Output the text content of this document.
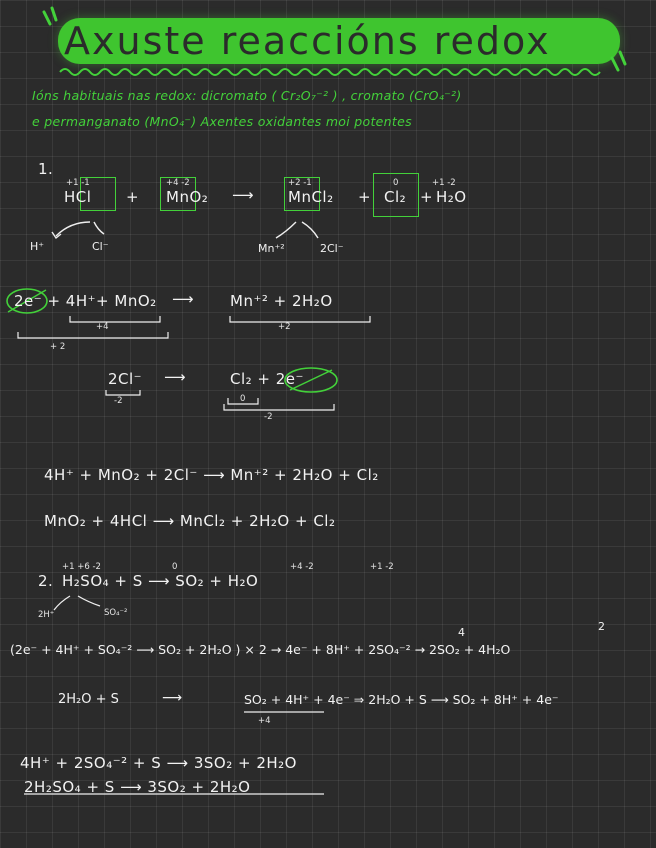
Axuste reaccións redox
Ións habituais nas redox: dicromato ( Cr₂O₇⁻² ) , cromato (CrO₄⁻²)
e permanganato (MnO₄⁻) Axentes oxidantes moi potentes
1.
+1 -1	+4 -2	+2 -1	0	+1 -2
HCl + MnO₂ ⟶ MnCl₂ + Cl₂ + H₂O
H⁺	Cl⁻	Mn⁺²	2Cl⁻
2e⁻ + 4H⁺+ MnO₂	Mn⁺² + 2H₂O
⟶
+4
+ 2
+2
2Cl⁻ ⟶	Cl₂ + 2e⁻
-2	0
-2
4H⁺ + MnO₂ + 2Cl⁻ ⟶ Mn⁺² + 2H₂O + Cl₂
MnO₂ + 4HCl ⟶ MnCl₂ + 2H₂O + Cl₂
+1 +6 -2	0	+4 -2	+1 -2
2. H₂SO₄ + S ⟶ SO₂ + H₂O
2H⁺	SO₄⁻²
4	2
(2e⁻ + 4H⁺ + SO₄⁻² ⟶ SO₂ + 2H₂O ) × 2 → 4e⁻ + 8H⁺ + 2SO₄⁻² → 2SO₂ + 4H₂O
2H₂O + S	⟶	SO₂ + 4H⁺ + 4e⁻ ⇒ 2H₂O + S ⟶ SO₂ + 8H⁺ + 4e⁻
+4
4H⁺ + 2SO₄⁻² + S ⟶ 3SO₂ + 2H₂O
2H₂SO₄ + S ⟶ 3SO₂ + 2H₂O
